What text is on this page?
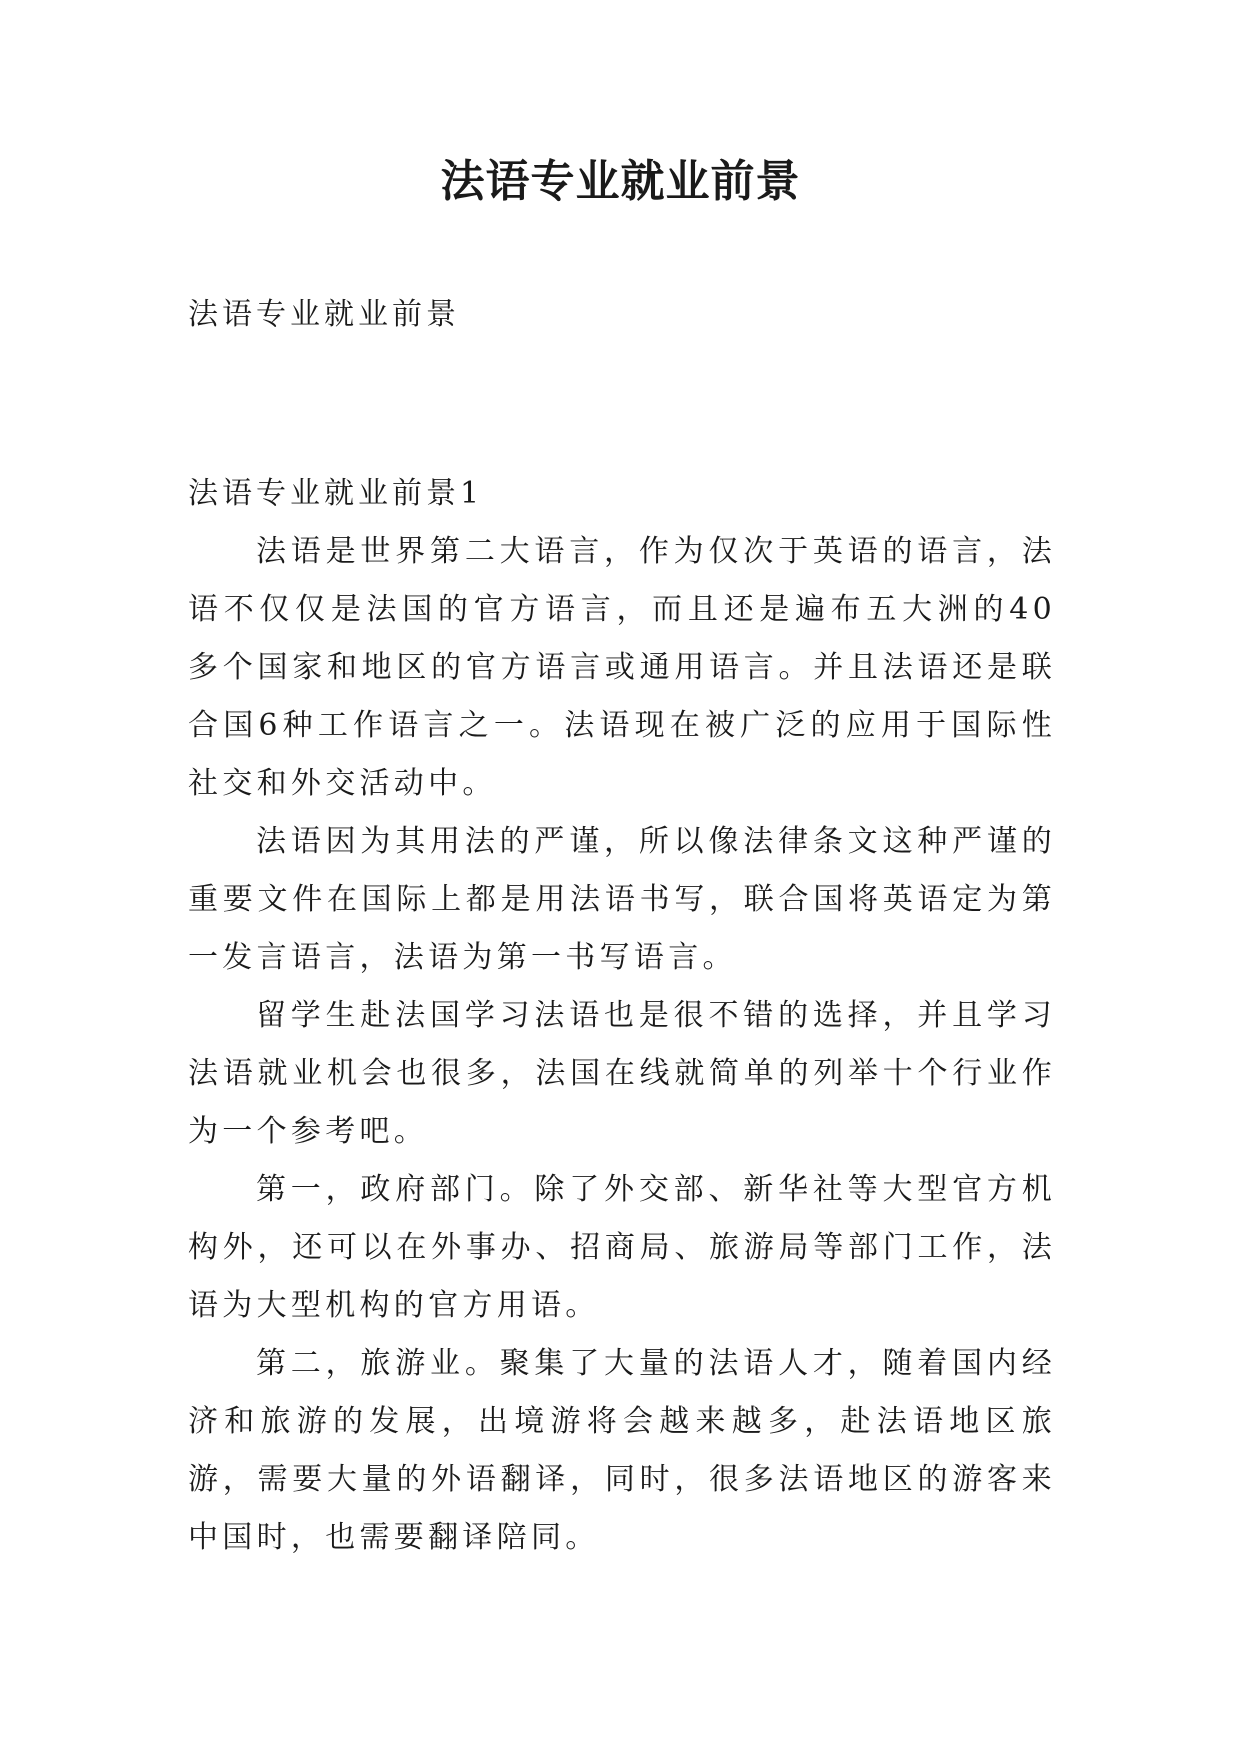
法语专业就业前景

法语专业就业前景

法语专业就业前景1

法语是世界第二大语言，作为仅次于英语的语言，法语不仅仅是法国的官方语言，而且还是遍布五大洲的40多个国家和地区的官方语言或通用语言。并且法语还是联合国6种工作语言之一。法语现在被广泛的应用于国际性社交和外交活动中。

法语因为其用法的严谨，所以像法律条文这种严谨的重要文件在国际上都是用法语书写，联合国将英语定为第一发言语言，法语为第一书写语言。

留学生赴法国学习法语也是很不错的选择，并且学习法语就业机会也很多，法国在线就简单的列举十个行业作为一个参考吧。

第一，政府部门。除了外交部、新华社等大型官方机构外，还可以在外事办、招商局、旅游局等部门工作，法语为大型机构的官方用语。

第二，旅游业。聚集了大量的法语人才，随着国内经济和旅游的发展，出境游将会越来越多，赴法语地区旅游，需要大量的外语翻译，同时，很多法语地区的游客来中国时，也需要翻译陪同。
